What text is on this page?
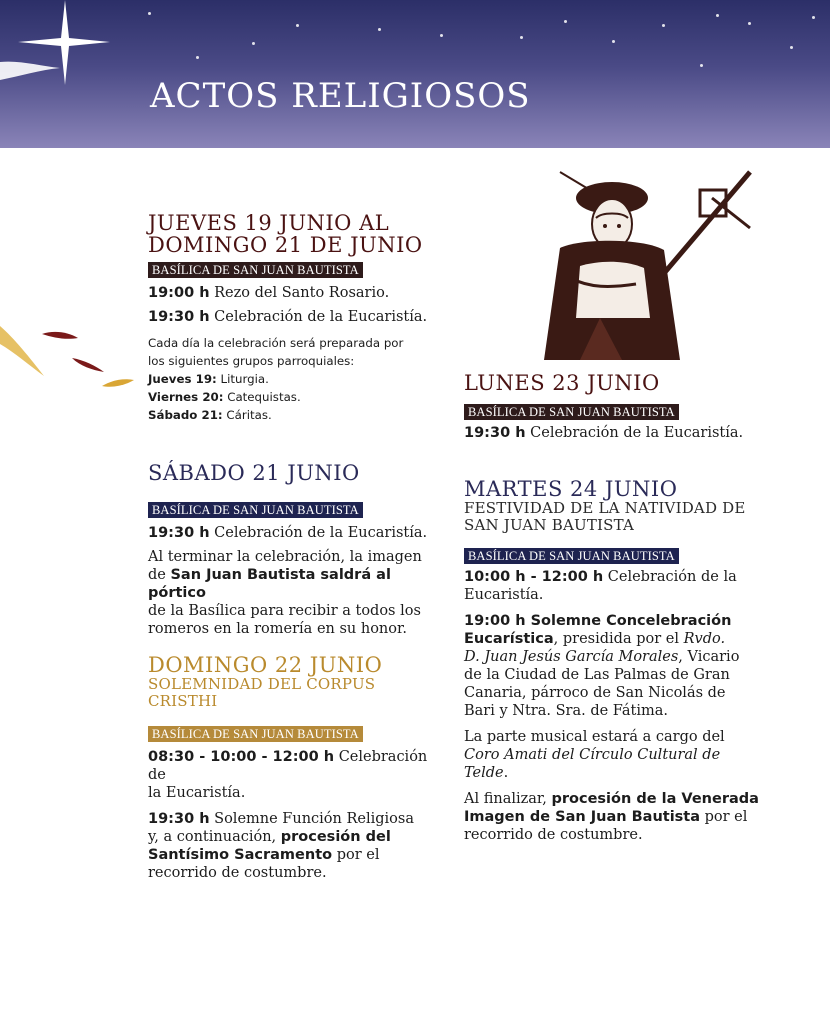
ACTOS RELIGIOSOS
JUEVES 19 JUNIO AL
DOMINGO 21 DE JUNIO
BASÍLICA DE SAN JUAN BAUTISTA

19:00 h Rezo del Santo Rosario.

19:30 h Celebración de la Eucaristía.

Cada día la celebración será preparada por
los siguientes grupos parroquiales:

Jueves 19: Liturgia.

Viernes 20: Catequistas.

Sábado 21: Cáritas.

SÁBADO 21 JUNIO
BASÍLICA DE SAN JUAN BAUTISTA

19:30 h Celebración de la Eucaristía.

Al terminar la celebración, la imagen
de San Juan Bautista saldrá al pórtico
de la Basílica para recibir a todos los
romeros en la romería en su honor.

DOMINGO 22 JUNIO

SOLEMNIDAD DEL CORPUS CRISTHI

BASÍLICA DE SAN JUAN BAUTISTA

08:30 - 10:00 - 12:00 h Celebración de
la Eucaristía.

19:30 h Solemne Función Religiosa
y, a continuación, procesión del
Santísimo Sacramento por el
recorrido de costumbre.

LUNES 23 JUNIO
BASÍLICA DE SAN JUAN BAUTISTA

19:30 h Celebración de la Eucaristía.

MARTES 24 JUNIO

FESTIVIDAD DE LA NATIVIDAD DE
SAN JUAN BAUTISTA

BASÍLICA DE SAN JUAN BAUTISTA

10:00 h - 12:00 h Celebración de la
Eucaristía.

19:00 h Solemne Concelebración
Eucarística, presidida por el Rvdo.
D. Juan Jesús García Morales, Vicario
de la Ciudad de Las Palmas de Gran
Canaria, párroco de San Nicolás de
Bari y Ntra. Sra. de Fátima.

La parte musical estará a cargo del
Coro Amati del Círculo Cultural de
Telde.

Al finalizar, procesión de la Venerada
Imagen de San Juan Bautista por el
recorrido de costumbre.
